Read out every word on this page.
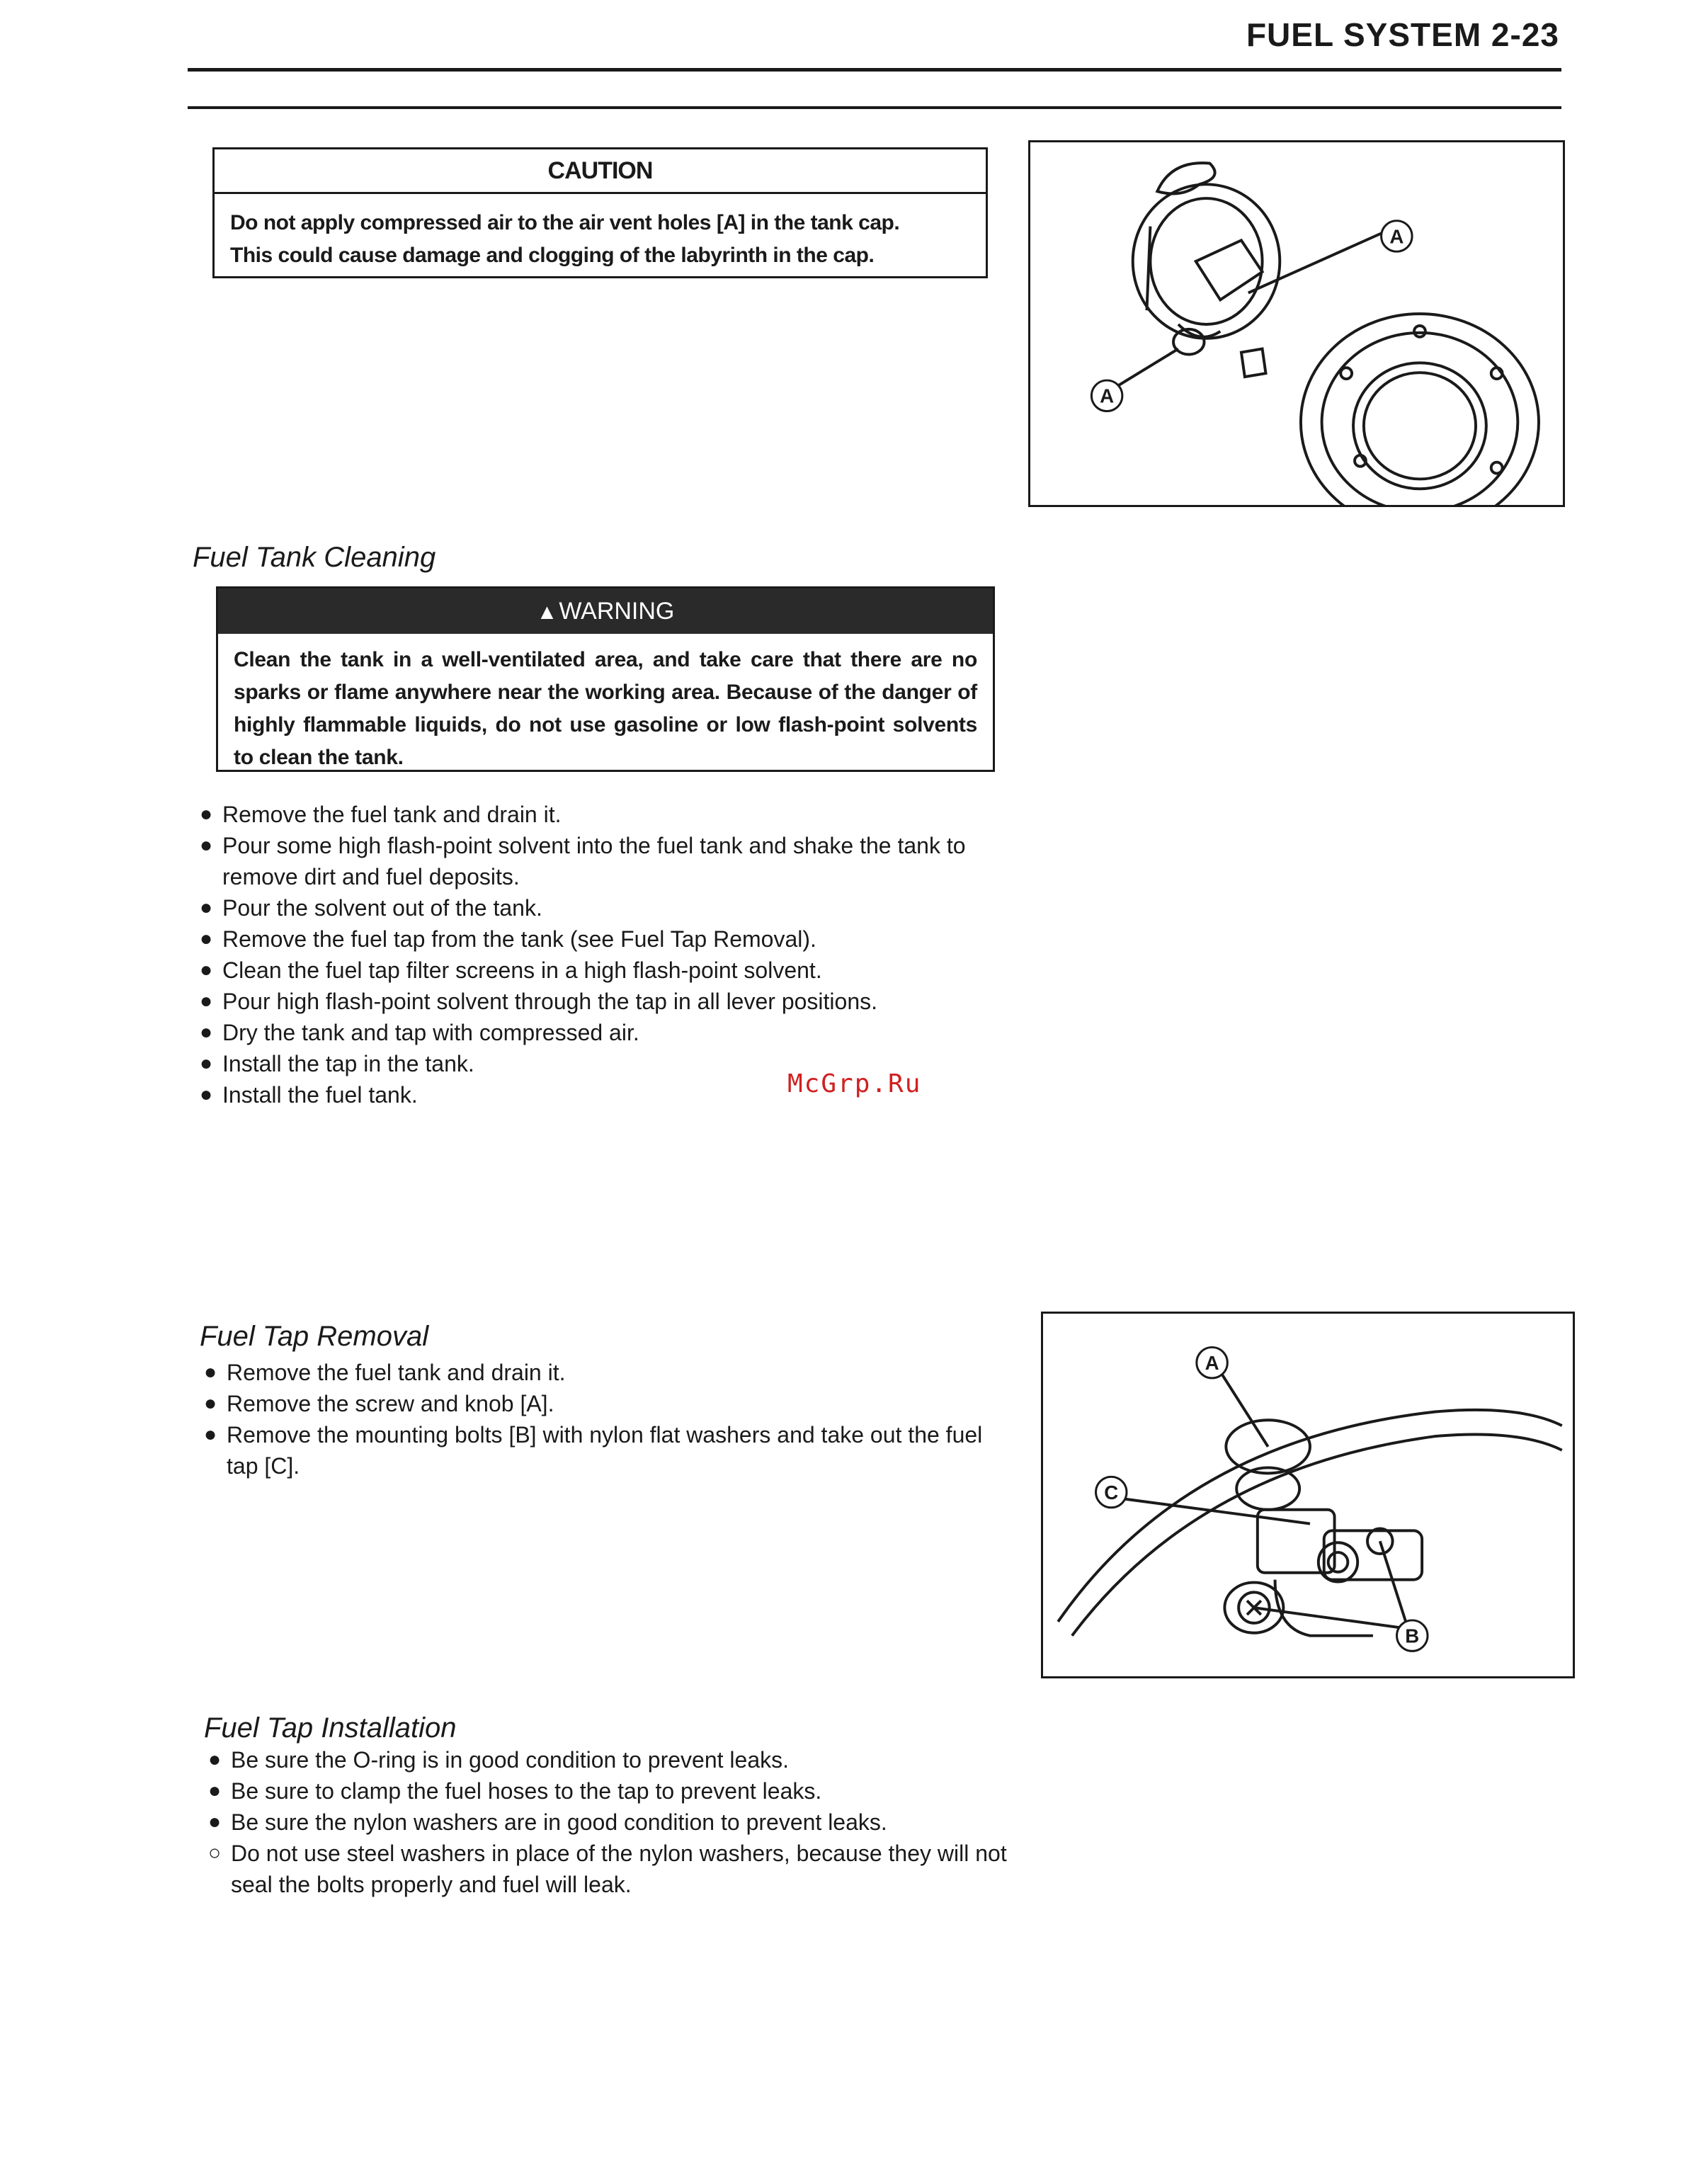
FUEL SYSTEM 2-23
CAUTION

Do not apply compressed air to the air vent holes [A] in the tank cap.

This could cause damage and clogging of the labyrinth in the cap.

A
A
Fuel Tank Cleaning
▲WARNING
Clean the tank in a well-ventilated area, and take care that there are no sparks or flame anywhere near the working area. Because of the danger of highly flammable liquids, do not use gasoline or low flash-point solvents to clean the tank.
● Remove the fuel tank and drain it.
● Pour some high flash-point solvent into the fuel tank and shake the tank to remove dirt and fuel deposits.
● Pour the solvent out of the tank.
● Remove the fuel tap from the tank (see Fuel Tap Removal).
● Clean the fuel tap filter screens in a high flash-point solvent.
● Pour high flash-point solvent through the tap in all lever positions.
● Dry the tank and tap with compressed air.
● Install the tap in the tank.
● Install the fuel tank.	McGrp.Ru
Fuel Tap Removal
● Remove the fuel tank and drain it.
● Remove the screw and knob [A].
● Remove the mounting bolts [B] with nylon flat washers and take out the fuel tap [C].
A
C
B
Fuel Tap Installation
● Be sure the O-ring is in good condition to prevent leaks.
● Be sure to clamp the fuel hoses to the tap to prevent leaks.
● Be sure the nylon washers are in good condition to prevent leaks.
○ Do not use steel washers in place of the nylon washers, because they will not seal the bolts properly and fuel will leak.
